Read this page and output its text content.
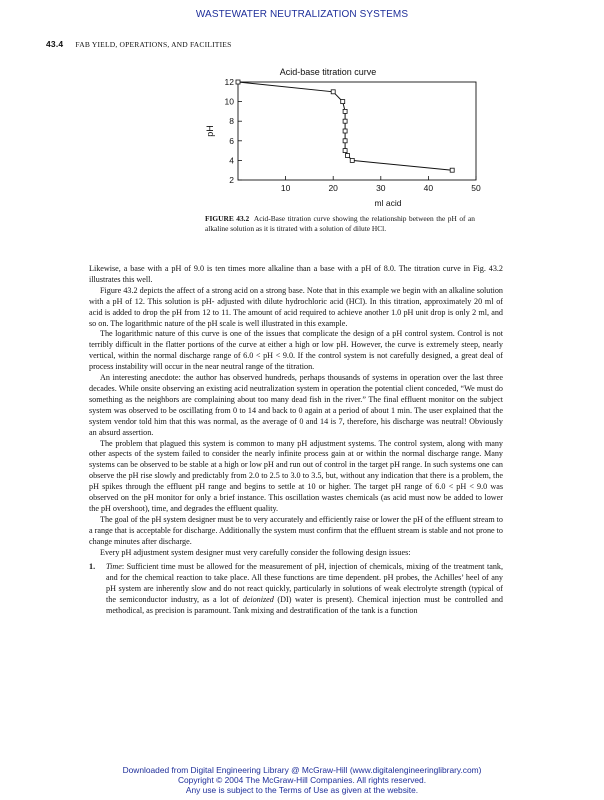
WASTEWATER NEUTRALIZATION SYSTEMS
43.4 FAB YIELD, OPERATIONS, AND FACILITIES
Acid-base titration curve
2
4
6
8
10
12
10	20	30	40	50
pH
ml acid
FIGURE 43.2 Acid-Base titration curve showing the relationship between the pH of an alkaline solution as it is titrated with a solution of dilute HCl.

Likewise, a base with a pH of 9.0 is ten times more alkaline than a base with a pH of 8.0. The titration curve in Fig. 43.2 illustrates this well.

Figure 43.2 depicts the affect of a strong acid on a strong base. Note that in this example we begin with an alkaline solution with a pH of 12. This solution is pH- adjusted with dilute hydrochloric acid (HCl). In this titration, approximately 20 ml of acid is added to drop the pH from 12 to 11. The amount of acid required to achieve another 1.0 pH unit drop is only 2 ml, and so on. The logarithmic nature of the pH scale is well illustrated in this example.

The logarithmic nature of this curve is one of the issues that complicate the design of a pH control system. Control is not terribly difficult in the flatter portions of the curve at either a high or low pH. However, the curve is extremely steep, nearly vertical, within the normal discharge range of 6.0 < pH < 9.0. If the control system is not carefully designed, a great deal of process instability will occur in the near neutral range of the titration.

An interesting anecdote: the author has observed hundreds, perhaps thousands of systems in operation over the last three decades. While onsite observing an existing acid neutralization system in operation the potential client conceded, “We must do something as the neighbors are complaining about too many dead fish in the river.” The final effluent monitor on the subject system was observed to be oscillating from 0 to 14 and back to 0 again at a period of about 1 min. The user explained that the system vendor told him that this was normal, as the average of 0 and 14 is 7, therefore, his discharge was neutral! Obviously an absurd assertion.

The problem that plagued this system is common to many pH adjustment systems. The control system, along with many other aspects of the system failed to consider the nearly infinite process gain at or within the normal discharge range. Many systems can be observed to be stable at a high or low pH and run out of control in the target pH range. In such systems one can observe the pH rise slowly and predictably from 2.0 to 2.5 to 3.0 to 3.5, but, without any indication that there is a problem, the pH spikes through the effluent pH range and begins to settle at 10 or higher. The target pH range of 6.0 < pH < 9.0 was observed on the pH monitor for only a brief instance. This oscillation wastes chemicals (as acid must now be added to lower the pH overshoot), time, and degrades the effluent quality.

The goal of the pH system designer must be to very accurately and efficiently raise or lower the pH of the effluent stream to a range that is acceptable for discharge. Additionally the system must confirm that the effluent stream is stable and not prone to change minutes after discharge.

Every pH adjustment system designer must very carefully consider the following design issues:

1.	Time: Sufficient time must be allowed for the measurement of pH, injection of chemicals, mixing of the treatment tank, and for the chemical reaction to take place. All these functions are time dependent. pH probes, the Achilles’ heel of any pH system are inherently slow and do not react quickly, particularly in solutions of weak electrolyte strength (typical of the semiconductor industry, as a lot of deionized (DI) water is present). Chemical injection must be controlled and methodical, as precision is paramount. Tank mixing and destratification of the tank is a function
Downloaded from Digital Engineering Library @ McGraw-Hill (www.digitalengineeringlibrary.com)
Copyright © 2004 The McGraw-Hill Companies. All rights reserved.
Any use is subject to the Terms of Use as given at the website.
